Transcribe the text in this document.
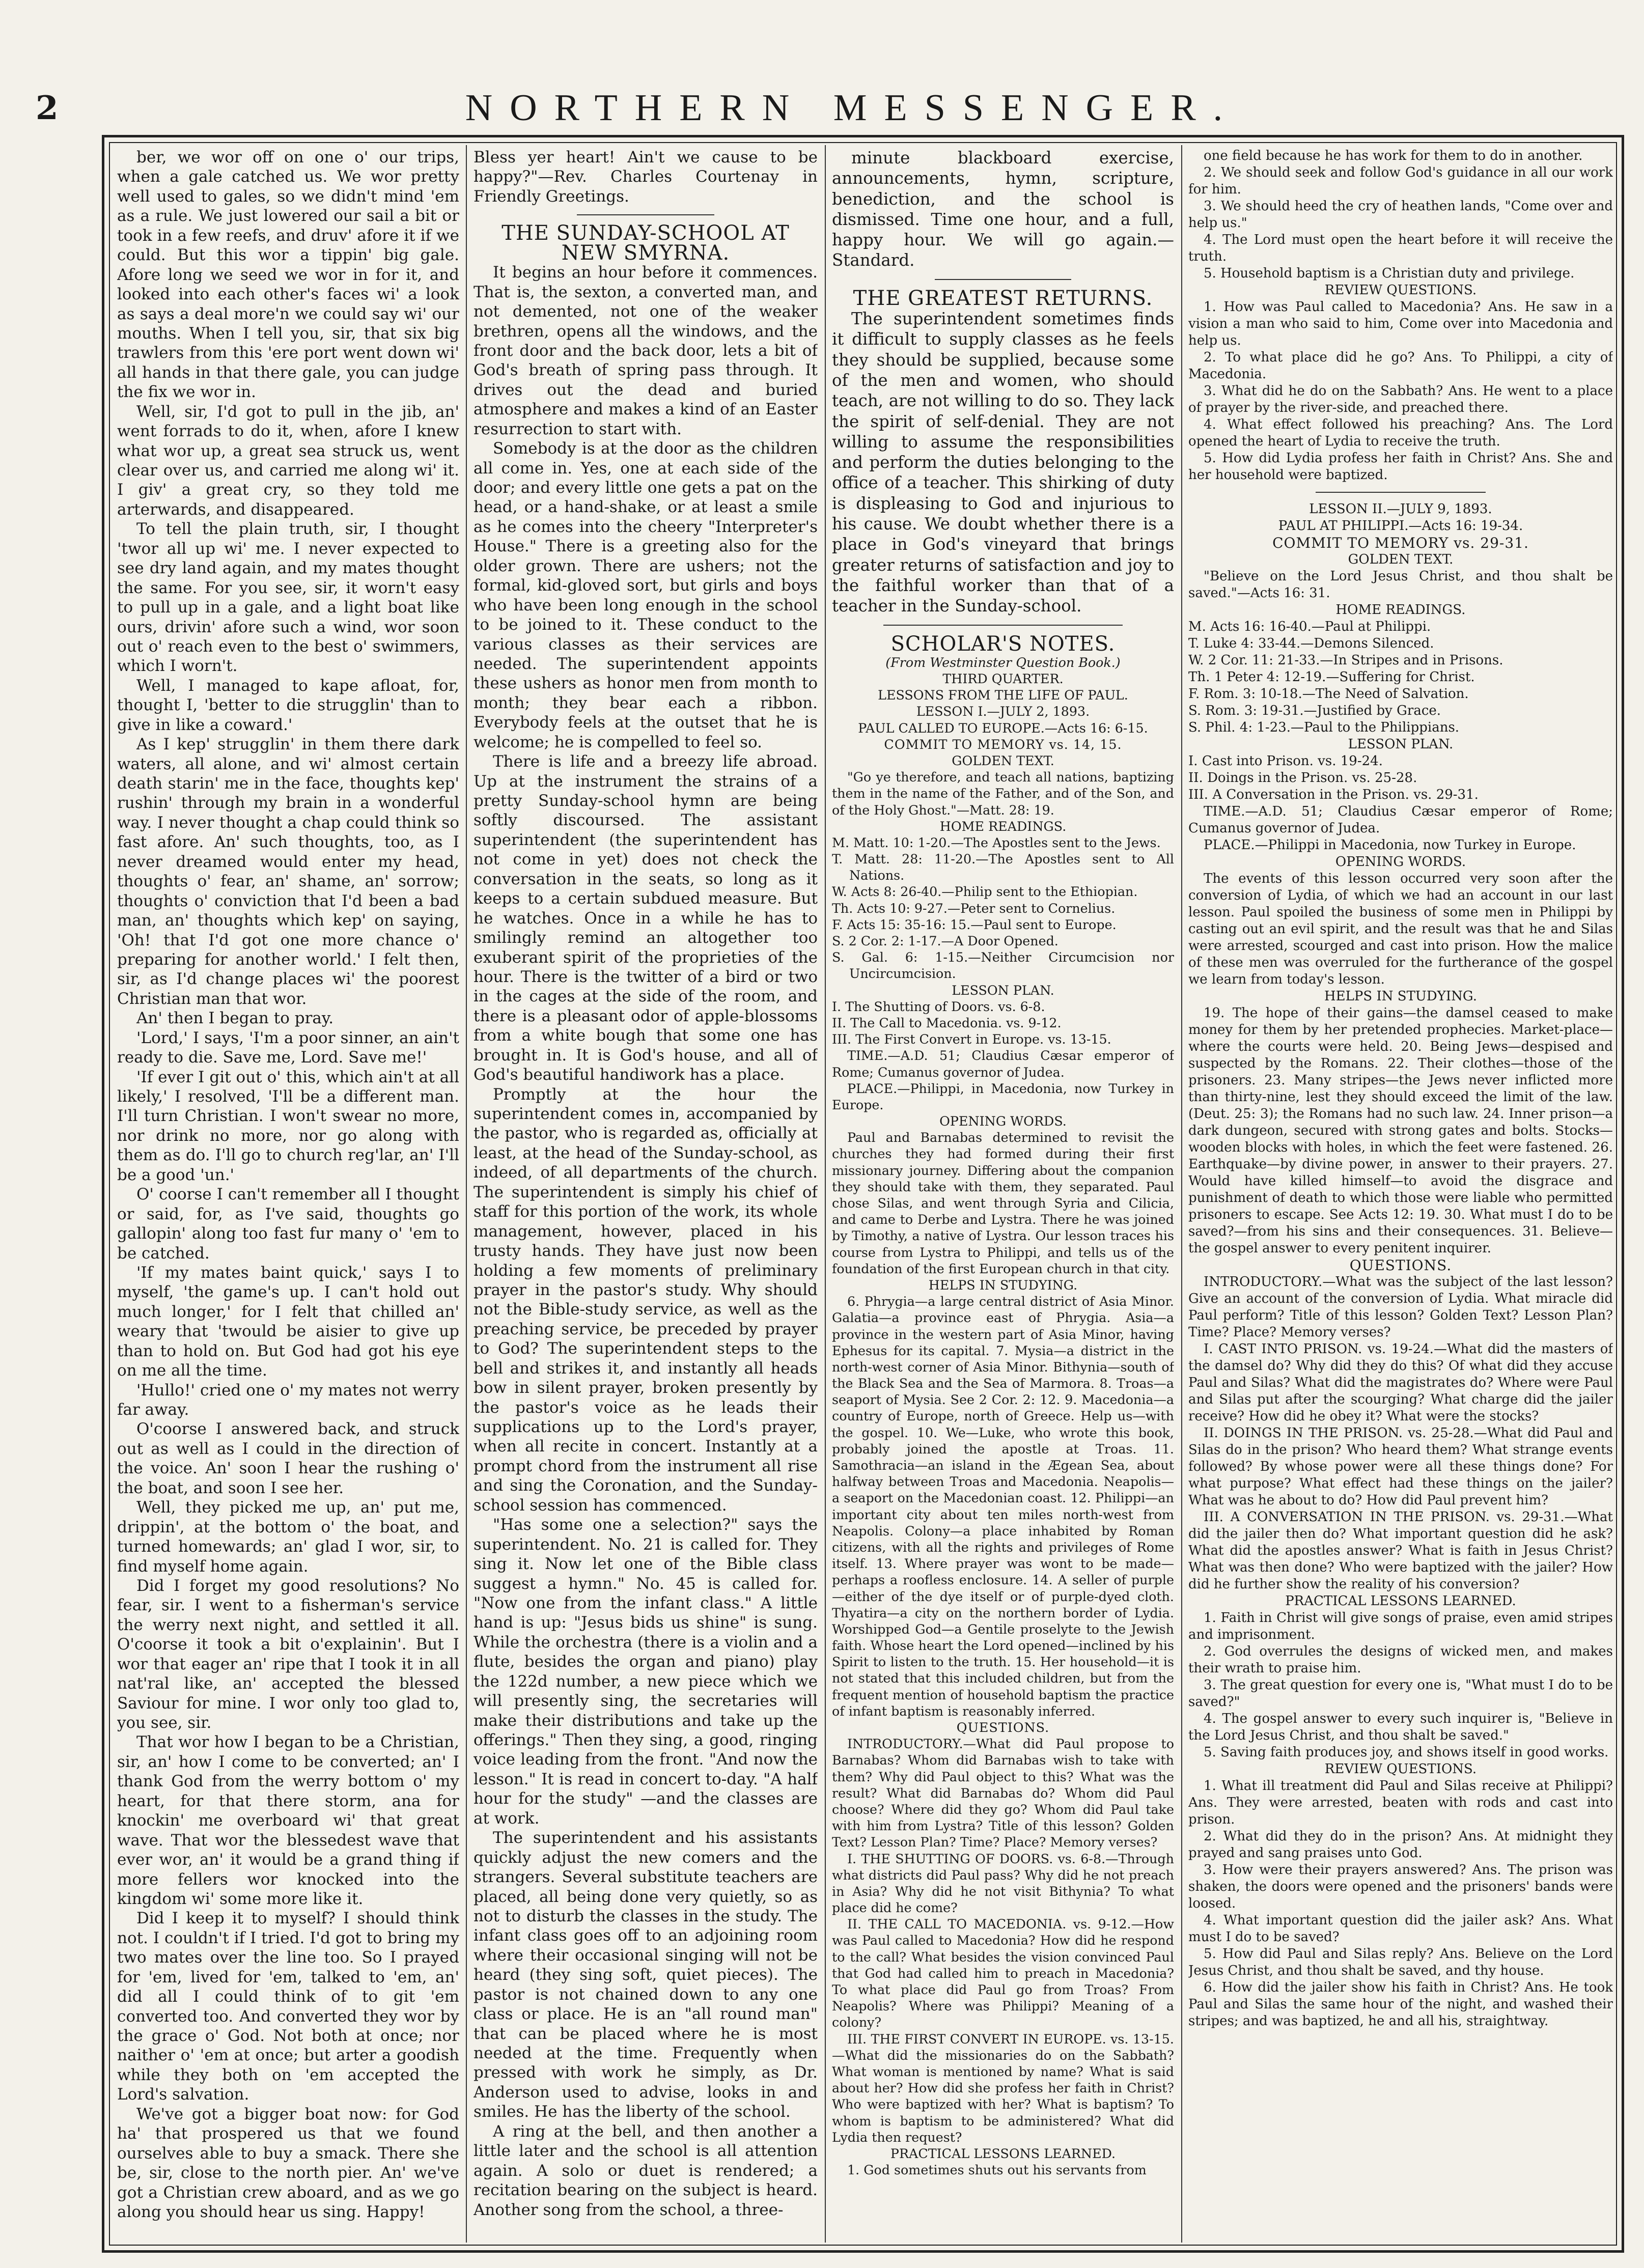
2	NORTHERN MESSENGER.

ber, we wor off on one o' our trips, when a gale catched us. We wor pretty well used to gales, so we didn't mind 'em as a rule. We just lowered our sail a bit or took in a few reefs, and druv' afore it if we could. But this wor a tippin' big gale. Afore long we seed we wor in for it, and looked into each other's faces wi' a look as says a deal more'n we could say wi' our mouths. When I tell you, sir, that six big trawlers from this 'ere port went down wi' all hands in that there gale, you can judge the fix we wor in.

Well, sir, I'd got to pull in the jib, an' went forrads to do it, when, afore I knew what wor up, a great sea struck us, went clear over us, and carried me along wi' it. I giv' a great cry, so they told me arterwards, and disappeared.

To tell the plain truth, sir, I thought 'twor all up wi' me. I never expected to see dry land again, and my mates thought the same. For you see, sir, it worn't easy to pull up in a gale, and a light boat like ours, drivin' afore such a wind, wor soon out o' reach even to the best o' swimmers, which I worn't.

Well, I managed to kape afloat, for, thought I, 'better to die strugglin' than to give in like a coward.'

As I kep' strugglin' in them there dark waters, all alone, and wi' almost certain death starin' me in the face, thoughts kep' rushin' through my brain in a wonderful way. I never thought a chap could think so fast afore. An' such thoughts, too, as I never dreamed would enter my head, thoughts o' fear, an' shame, an' sorrow; thoughts o' conviction that I'd been a bad man, an' thoughts which kep' on saying, 'Oh! that I'd got one more chance o' preparing for another world.' I felt then, sir, as I'd change places wi' the poorest Christian man that wor.

An' then I began to pray.

'Lord,' I says, 'I'm a poor sinner, an ain't ready to die. Save me, Lord. Save me!'

'If ever I git out o' this, which ain't at all likely,' I resolved, 'I'll be a different man. I'll turn Christian. I won't swear no more, nor drink no more, nor go along with them as do. I'll go to church reg'lar, an' I'll be a good 'un.'

O' coorse I can't remember all I thought or said, for, as I've said, thoughts go gallopin' along too fast fur many o' 'em to be catched.

'If my mates baint quick,' says I to myself, 'the game's up. I can't hold out much longer,' for I felt that chilled an' weary that 'twould be aisier to give up than to hold on. But God had got his eye on me all the time.

'Hullo!' cried one o' my mates not werry far away.

O'coorse I answered back, and struck out as well as I could in the direction of the voice. An' soon I hear the rushing o' the boat, and soon I see her.

Well, they picked me up, an' put me, drippin', at the bottom o' the boat, and turned homewards; an' glad I wor, sir, to find myself home again.

Did I forget my good resolutions? No fear, sir. I went to a fisherman's service the werry next night, and settled it all. O'coorse it took a bit o'explainin'. But I wor that eager an' ripe that I took it in all nat'ral like, an' accepted the blessed Saviour for mine. I wor only too glad to, you see, sir.

That wor how I began to be a Christian, sir, an' how I come to be converted; an' I thank God from the werry bottom o' my heart, for that there storm, ana for knockin' me overboard wi' that great wave. That wor the blessedest wave that ever wor, an' it would be a grand thing if more fellers wor knocked into the kingdom wi' some more like it.

Did I keep it to myself? I should think not. I couldn't if I tried. I'd got to bring my two mates over the line too. So I prayed for 'em, lived for 'em, talked to 'em, an' did all I could think of to git 'em converted too. And converted they wor by the grace o' God. Not both at once; nor naither o' 'em at once; but arter a goodish while they both on 'em accepted the Lord's salvation.

We've got a bigger boat now: for God ha' that prospered us that we found ourselves able to buy a smack. There she be, sir, close to the north pier. An' we've got a Christian crew aboard, and as we go along you should hear us sing. Happy!

Bless yer heart! Ain't we cause to be happy?"—Rev. Charles Courtenay in Friendly Greetings.

THE SUNDAY-SCHOOL AT NEW SMYRNA.

It begins an hour before it commences. That is, the sexton, a converted man, and not demented, not one of the weaker brethren, opens all the windows, and the front door and the back door, lets a bit of God's breath of spring pass through. It drives out the dead and buried atmosphere and makes a kind of an Easter resurrection to start with.

Somebody is at the door as the children all come in. Yes, one at each side of the door; and every little one gets a pat on the head, or a hand-shake, or at least a smile as he comes into the cheery "Interpreter's House." There is a greeting also for the older grown. There are ushers; not the formal, kid-gloved sort, but girls and boys who have been long enough in the school to be joined to it. These conduct to the various classes as their services are needed. The superintendent appoints these ushers as honor men from month to month; they bear each a ribbon. Everybody feels at the outset that he is welcome; he is compelled to feel so.

There is life and a breezy life abroad. Up at the instrument the strains of a pretty Sunday-school hymn are being softly discoursed. The assistant superintendent (the superintendent has not come in yet) does not check the conversation in the seats, so long as it keeps to a certain subdued measure. But he watches. Once in a while he has to smilingly remind an altogether too exuberant spirit of the proprieties of the hour. There is the twitter of a bird or two in the cages at the side of the room, and there is a pleasant odor of apple-blossoms from a white bough that some one has brought in. It is God's house, and all of God's beautiful handiwork has a place.

Promptly at the hour the superintendent comes in, accompanied by the pastor, who is regarded as, officially at least, at the head of the Sunday-school, as indeed, of all departments of the church. The superintendent is simply his chief of staff for this portion of the work, its whole management, however, placed in his trusty hands. They have just now been holding a few moments of preliminary prayer in the pastor's study. Why should not the Bible-study service, as well as the preaching service, be preceded by prayer to God? The superintendent steps to the bell and strikes it, and instantly all heads bow in silent prayer, broken presently by the pastor's voice as he leads their supplications up to the Lord's prayer, when all recite in concert. Instantly at a prompt chord from the instrument all rise and sing the Coronation, and the Sunday-school session has commenced.

"Has some one a selection?" says the superintendent. No. 21 is called for. They sing it. Now let one of the Bible class suggest a hymn." No. 45 is called for. "Now one from the infant class." A little hand is up: "Jesus bids us shine" is sung. While the orchestra (there is a violin and a flute, besides the organ and piano) play the 122d number, a new piece which we will presently sing, the secretaries will make their distributions and take up the offerings." Then they sing, a good, ringing voice leading from the front. "And now the lesson." It is read in concert to-day. "A half hour for the study" —and the classes are at work.

The superintendent and his assistants quickly adjust the new comers and the strangers. Several substitute teachers are placed, all being done very quietly, so as not to disturb the classes in the study. The infant class goes off to an adjoining room where their occasional singing will not be heard (they sing soft, quiet pieces). The pastor is not chained down to any one class or place. He is an "all round man" that can be placed where he is most needed at the time. Frequently when pressed with work he simply, as Dr. Anderson used to advise, looks in and smiles. He has the liberty of the school.

A ring at the bell, and then another a little later and the school is all attention again. A solo or duet is rendered; a recitation bearing on the subject is heard. Another song from the school, a three-

minute blackboard exercise, announcements, hymn, scripture, benediction, and the school is dismissed. Time one hour, and a full, happy hour. We will go again.—Standard.

THE GREATEST RETURNS.

The superintendent sometimes finds it difficult to supply classes as he feels they should be supplied, because some of the men and women, who should teach, are not willing to do so. They lack the spirit of self-denial. They are not willing to assume the responsibilities and perform the duties belonging to the office of a teacher. This shirking of duty is displeasing to God and injurious to his cause. We doubt whether there is a place in God's vineyard that brings greater returns of satisfaction and joy to the faithful worker than that of a teacher in the Sunday-school.

SCHOLAR'S NOTES.

(From Westminster Question Book.)

THIRD QUARTER.

LESSONS FROM THE LIFE OF PAUL.

LESSON I.—JULY 2, 1893.

PAUL CALLED TO EUROPE.—Acts 16: 6-15.

COMMIT TO MEMORY vs. 14, 15.

GOLDEN TEXT.

"Go ye therefore, and teach all nations, baptizing them in the name of the Father, and of the Son, and of the Holy Ghost."—Matt. 28: 19.

HOME READINGS.

M. Matt. 10: 1-20.—The Apostles sent to the Jews.

T. Matt. 28: 11-20.—The Apostles sent to All Nations.

W. Acts 8: 26-40.—Philip sent to the Ethiopian.

Th. Acts 10: 9-27.—Peter sent to Cornelius.

F. Acts 15: 35-16: 15.—Paul sent to Europe.

S. 2 Cor. 2: 1-17.—A Door Opened.

S. Gal. 6: 1-15.—Neither Circumcision nor Uncircumcision.

LESSON PLAN.

I. The Shutting of Doors. vs. 6-8.

II. The Call to Macedonia. vs. 9-12.

III. The First Convert in Europe. vs. 13-15.

TIME.—A.D. 51; Claudius Cæsar emperor of Rome; Cumanus governor of Judea.

PLACE.—Philippi, in Macedonia, now Turkey in Europe.

OPENING WORDS.

Paul and Barnabas determined to revisit the churches they had formed during their first missionary journey. Differing about the companion they should take with them, they separated. Paul chose Silas, and went through Syria and Cilicia, and came to Derbe and Lystra. There he was joined by Timothy, a native of Lystra. Our lesson traces his course from Lystra to Philippi, and tells us of the foundation of the first European church in that city.

HELPS IN STUDYING.

6. Phrygia—a large central district of Asia Minor. Galatia—a province east of Phrygia. Asia—a province in the western part of Asia Minor, having Ephesus for its capital. 7. Mysia—a district in the north-west corner of Asia Minor. Bithynia—south of the Black Sea and the Sea of Marmora. 8. Troas—a seaport of Mysia. See 2 Cor. 2: 12. 9. Macedonia—a country of Europe, north of Greece. Help us—with the gospel. 10. We—Luke, who wrote this book, probably joined the apostle at Troas. 11. Samothracia—an island in the Ægean Sea, about halfway between Troas and Macedonia. Neapolis—a seaport on the Macedonian coast. 12. Philippi—an important city about ten miles north-west from Neapolis. Colony—a place inhabited by Roman citizens, with all the rights and privileges of Rome itself. 13. Where prayer was wont to be made—perhaps a roofless enclosure. 14. A seller of purple—either of the dye itself or of purple-dyed cloth. Thyatira—a city on the northern border of Lydia. Worshipped God—a Gentile proselyte to the Jewish faith. Whose heart the Lord opened—inclined by his Spirit to listen to the truth. 15. Her household—it is not stated that this included children, but from the frequent mention of household baptism the practice of infant baptism is reasonably inferred.

QUESTIONS.

INTRODUCTORY.—What did Paul propose to Barnabas? Whom did Barnabas wish to take with them? Why did Paul object to this? What was the result? What did Barnabas do? Whom did Paul choose? Where did they go? Whom did Paul take with him from Lystra? Title of this lesson? Golden Text? Lesson Plan? Time? Place? Memory verses?

I. THE SHUTTING OF DOORS. vs. 6-8.—Through what districts did Paul pass? Why did he not preach in Asia? Why did he not visit Bithynia? To what place did he come?

II. THE CALL TO MACEDONIA. vs. 9-12.—How was Paul called to Macedonia? How did he respond to the call? What besides the vision convinced Paul that God had called him to preach in Macedonia? To what place did Paul go from Troas? From Neapolis? Where was Philippi? Meaning of a colony?

III. THE FIRST CONVERT IN EUROPE. vs. 13-15.—What did the missionaries do on the Sabbath? What woman is mentioned by name? What is said about her? How did she profess her faith in Christ? Who were baptized with her? What is baptism? To whom is baptism to be administered? What did Lydia then request?

PRACTICAL LESSONS LEARNED.

1. God sometimes shuts out his servants from

one field because he has work for them to do in another.

2. We should seek and follow God's guidance in all our work for him.

3. We should heed the cry of heathen lands, "Come over and help us."

4. The Lord must open the heart before it will receive the truth.

5. Household baptism is a Christian duty and privilege.

REVIEW QUESTIONS.

1. How was Paul called to Macedonia? Ans. He saw in a vision a man who said to him, Come over into Macedonia and help us.

2. To what place did he go? Ans. To Philippi, a city of Macedonia.

3. What did he do on the Sabbath? Ans. He went to a place of prayer by the river-side, and preached there.

4. What effect followed his preaching? Ans. The Lord opened the heart of Lydia to receive the truth.

5. How did Lydia profess her faith in Christ? Ans. She and her household were baptized.

LESSON II.—JULY 9, 1893.

PAUL AT PHILIPPI.—Acts 16: 19-34.

COMMIT TO MEMORY vs. 29-31.

GOLDEN TEXT.

"Believe on the Lord Jesus Christ, and thou shalt be saved."—Acts 16: 31.

HOME READINGS.

M. Acts 16: 16-40.—Paul at Philippi.

T. Luke 4: 33-44.—Demons Silenced.

W. 2 Cor. 11: 21-33.—In Stripes and in Prisons.

Th. 1 Peter 4: 12-19.—Suffering for Christ.

F. Rom. 3: 10-18.—The Need of Salvation.

S. Rom. 3: 19-31.—Justified by Grace.

S. Phil. 4: 1-23.—Paul to the Philippians.

LESSON PLAN.

I. Cast into Prison. vs. 19-24.

II. Doings in the Prison. vs. 25-28.

III. A Conversation in the Prison. vs. 29-31.

TIME.—A.D. 51; Claudius Cæsar emperor of Rome; Cumanus governor of Judea.

PLACE.—Philippi in Macedonia, now Turkey in Europe.

OPENING WORDS.

The events of this lesson occurred very soon after the conversion of Lydia, of which we had an account in our last lesson. Paul spoiled the business of some men in Philippi by casting out an evil spirit, and the result was that he and Silas were arrested, scourged and cast into prison. How the malice of these men was overruled for the furtherance of the gospel we learn from today's lesson.

HELPS IN STUDYING.

19. The hope of their gains—the damsel ceased to make money for them by her pretended prophecies. Market-place—where the courts were held. 20. Being Jews—despised and suspected by the Romans. 22. Their clothes—those of the prisoners. 23. Many stripes—the Jews never inflicted more than thirty-nine, lest they should exceed the limit of the law. (Deut. 25: 3); the Romans had no such law. 24. Inner prison—a dark dungeon, secured with strong gates and bolts. Stocks—wooden blocks with holes, in which the feet were fastened. 26. Earthquake—by divine power, in answer to their prayers. 27. Would have killed himself—to avoid the disgrace and punishment of death to which those were liable who permitted prisoners to escape. See Acts 12: 19. 30. What must I do to be saved?—from his sins and their consequences. 31. Believe—the gospel answer to every penitent inquirer.

QUESTIONS.

INTRODUCTORY.—What was the subject of the last lesson? Give an account of the conversion of Lydia. What miracle did Paul perform? Title of this lesson? Golden Text? Lesson Plan? Time? Place? Memory verses?

I. CAST INTO PRISON. vs. 19-24.—What did the masters of the damsel do? Why did they do this? Of what did they accuse Paul and Silas? What did the magistrates do? Where were Paul and Silas put after the scourging? What charge did the jailer receive? How did he obey it? What were the stocks?

II. DOINGS IN THE PRISON. vs. 25-28.—What did Paul and Silas do in the prison? Who heard them? What strange events followed? By whose power were all these things done? For what purpose? What effect had these things on the jailer? What was he about to do? How did Paul prevent him?

III. A CONVERSATION IN THE PRISON. vs. 29-31.—What did the jailer then do? What important question did he ask? What did the apostles answer? What is faith in Jesus Christ? What was then done? Who were baptized with the jailer? How did he further show the reality of his conversion?

PRACTICAL LESSONS LEARNED.

1. Faith in Christ will give songs of praise, even amid stripes and imprisonment.

2. God overrules the designs of wicked men, and makes their wrath to praise him.

3. The great question for every one is, "What must I do to be saved?"

4. The gospel answer to every such inquirer is, "Believe in the Lord Jesus Christ, and thou shalt be saved."

5. Saving faith produces joy, and shows itself in good works.

REVIEW QUESTIONS.

1. What ill treatment did Paul and Silas receive at Philippi? Ans. They were arrested, beaten with rods and cast into prison.

2. What did they do in the prison? Ans. At midnight they prayed and sang praises unto God.

3. How were their prayers answered? Ans. The prison was shaken, the doors were opened and the prisoners' bands were loosed.

4. What important question did the jailer ask? Ans. What must I do to be saved?

5. How did Paul and Silas reply? Ans. Believe on the Lord Jesus Christ, and thou shalt be saved, and thy house.

6. How did the jailer show his faith in Christ? Ans. He took Paul and Silas the same hour of the night, and washed their stripes; and was baptized, he and all his, straightway.
